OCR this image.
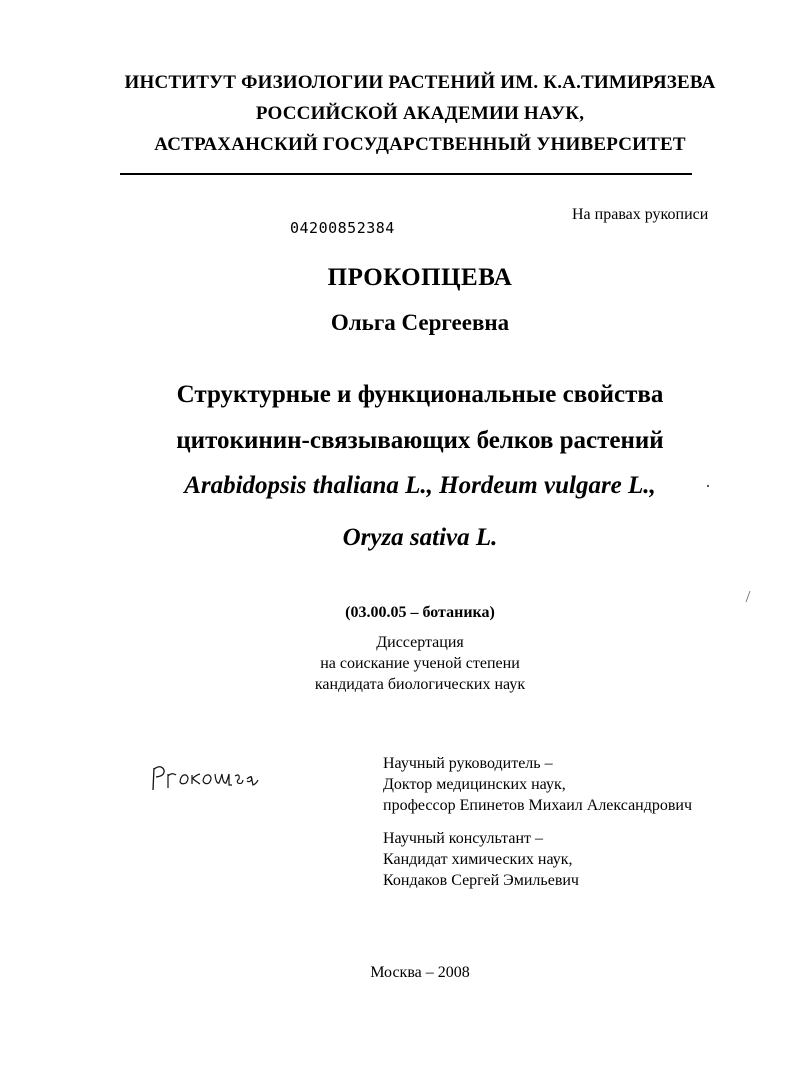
ИНСТИТУТ ФИЗИОЛОГИИ РАСТЕНИЙ ИМ. К.А.ТИМИРЯЗЕВА
РОССИЙСКОЙ АКАДЕМИИ НАУК,
АСТРАХАНСКИЙ ГОСУДАРСТВЕННЫЙ УНИВЕРСИТЕТ
На правах рукописи
04200852384
ПРОКОПЦЕВА
Ольга Сергеевна
Структурные и функциональные свойства
цитокинин-связывающих белков растений
Arabidopsis thaliana L., Hordeum vulgare L.,
Oryza sativa L.
(03.00.05 – ботаника)
Диссертация
на соискание ученой степени
кандидата биологических наук
Научный руководитель –
Доктор медицинских наук,
профессор Епинетов Михаил Александрович
Научный консультант –
Кандидат химических наук,
Кондаков Сергей Эмильевич
Москва – 2008
